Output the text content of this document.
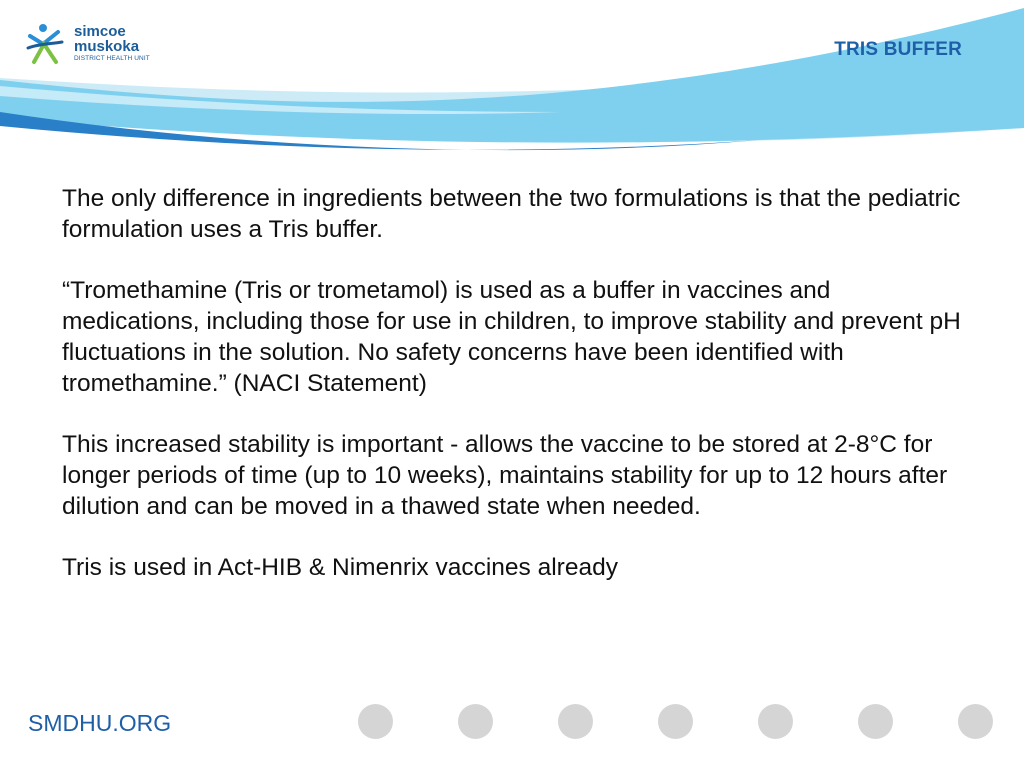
simcoe
muskoka
DISTRICT HEALTH UNIT	TRIS BUFFER

The only difference in ingredients between the two formulations is that the pediatric formulation uses a Tris buffer.

“Tromethamine (Tris or trometamol) is used as a buffer in vaccines and medications, including those for use in children, to improve stability and prevent pH fluctuations in the solution. No safety concerns have been identified with tromethamine.” (NACI Statement)

This increased stability is important - allows the vaccine to be stored at 2-8°C for longer periods of time (up to 10 weeks), maintains stability for up to 12 hours after dilution and can be moved in a thawed state when needed.

Tris is used in Act-HIB & Nimenrix vaccines already

SMDHU.ORG
